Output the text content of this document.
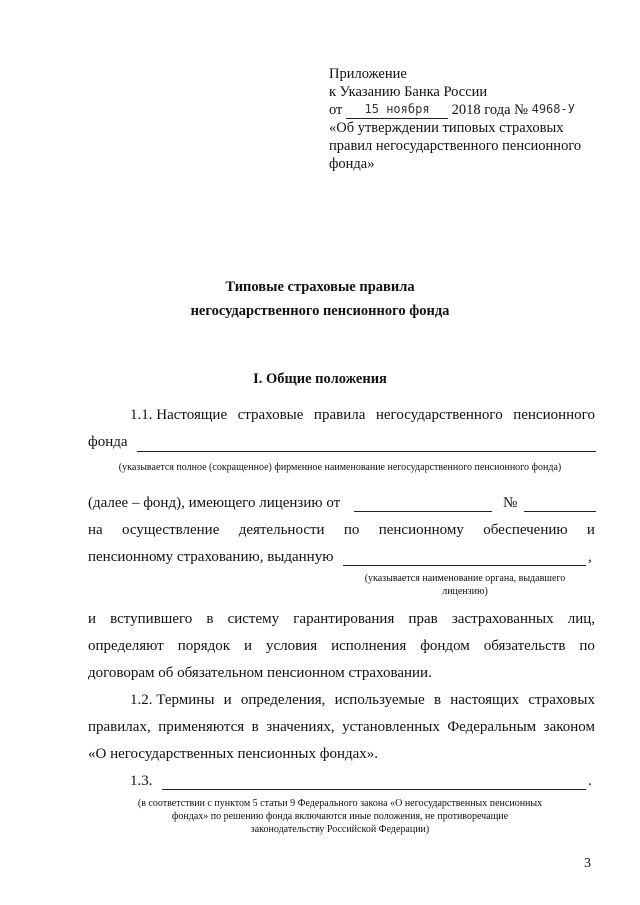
Приложение
к Указанию Банка России
от 15 ноября 2018 года № 4968-У
«Об утверждении типовых страховых
правил негосударственного пенсионного
фонда»
Типовые страховые правила
негосударственного пенсионного фонда
I. Общие положения
1.1. Настоящие страховые правила негосударственного пенсионного
фонда
(указывается полное (сокращенное) фирменное наименование негосударственного пенсионного фонда)
(далее – фонд), имеющего лицензию от	№
на осуществление деятельности по пенсионному обеспечению и
пенсионному страхованию, выданную	,
(указывается наименование органа, выдавшего
лицензию)
и вступившего в систему гарантирования прав застрахованных лиц,
определяют порядок и условия исполнения фондом обязательств по
договорам об обязательном пенсионном страховании.
1.2. Термины и определения, используемые в настоящих страховых
правилах, применяются в значениях, установленных Федеральным законом
«О негосударственных пенсионных фондах».
1.3.	.
(в соответствии с пунктом 5 статьи 9 Федерального закона «О негосударственных пенсионных
фондах» по решению фонда включаются иные положения, не противоречащие
законодательству Российской Федерации)
3
